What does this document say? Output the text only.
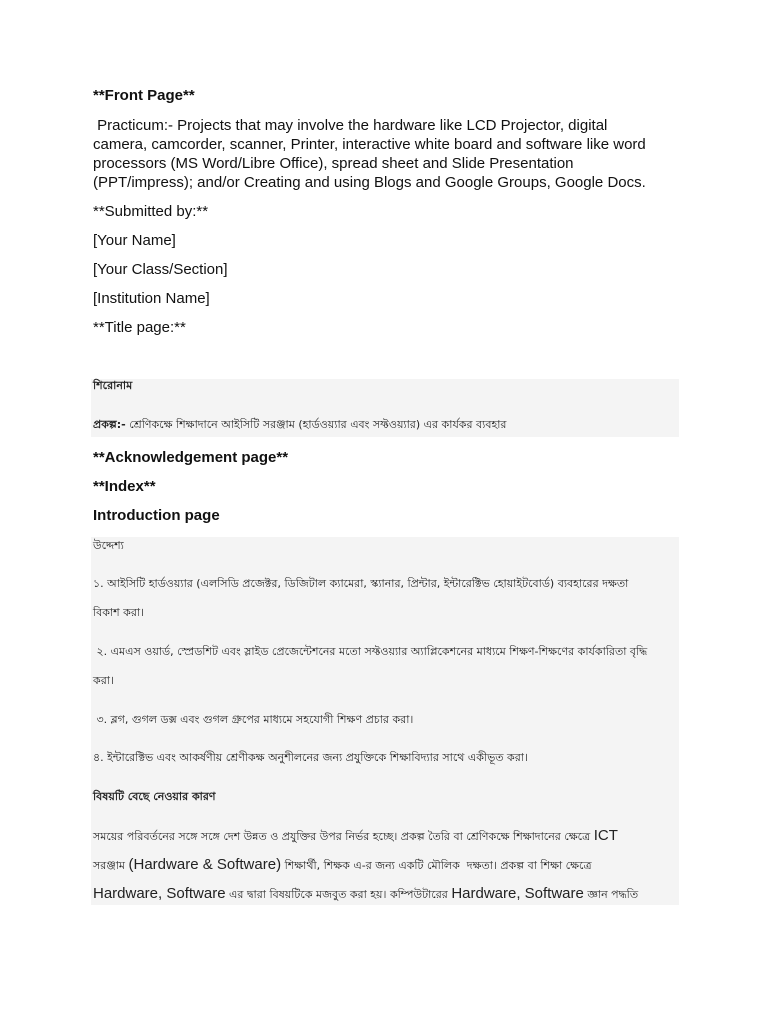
**Front Page**

Practicum:- Projects that may involve the hardware like LCD Projector, digital

camera, camcorder, scanner, Printer, interactive white board and software like word

processors (MS Word/Libre Office), spread sheet and Slide Presentation

(PPT/impress); and/or Creating and using Blogs and Google Groups, Google Docs.

**Submitted by:**

[Your Name]

[Your Class/Section]

[Institution Name]

**Title page:**

শিরোনাম

প্রকল্প:- শ্রেণিকক্ষে শিক্ষাদানে আইসিটি সরঞ্জাম (হার্ডওয়্যার এবং সফ্টওয়্যার) এর কার্যকর ব্যবহার

**Acknowledgement page**

**Index**

Introduction page

উদ্দেশ্য

১. আইসিটি হার্ডওয়্যার (এলসিডি প্রজেক্টর, ডিজিটাল ক্যামেরা, স্ক্যানার, প্রিন্টার, ইন্টারেক্টিভ হোয়াইটবোর্ড) ব্যবহারের দক্ষতা

বিকাশ করা।

২. এমএস ওয়ার্ড, স্প্রেডশিট এবং স্লাইড প্রেজেন্টেশনের মতো সফ্টওয়্যার অ্যাপ্লিকেশনের মাধ্যমে শিক্ষণ-শিক্ষণের কার্যকারিতা বৃদ্ধি

করা।

৩. ব্লগ, গুগল ডক্স এবং গুগল গ্রুপের মাধ্যমে সহযোগী শিক্ষণ প্রচার করা।

৪. ইন্টারেক্টিভ এবং আকর্ষণীয় শ্রেণীকক্ষ অনুশীলনের জন্য প্রযুক্তিকে শিক্ষাবিদ্যার সাথে একীভূত করা।

বিষয়টি বেছে নেওয়ার কারণ

সময়ের পরিবর্তনের সঙ্গে সঙ্গে দেশ উন্নত ও প্রযুক্তির উপর নির্ভর হচ্ছে। প্রকল্প তৈরি বা শ্রেণিকক্ষে শিক্ষাদানের ক্ষেত্রে ICT

সরঞ্জাম (Hardware & Software) শিক্ষার্থী, শিক্ষক এ-র জন্য একটি মৌলিক  দক্ষতা। প্রকল্প বা শিক্ষা ক্ষেত্রে

Hardware, Software এর দ্বারা বিষয়টিকে মজবুত করা হয়। কম্পিউটারের Hardware, Software জ্ঞান পদ্ধতি
